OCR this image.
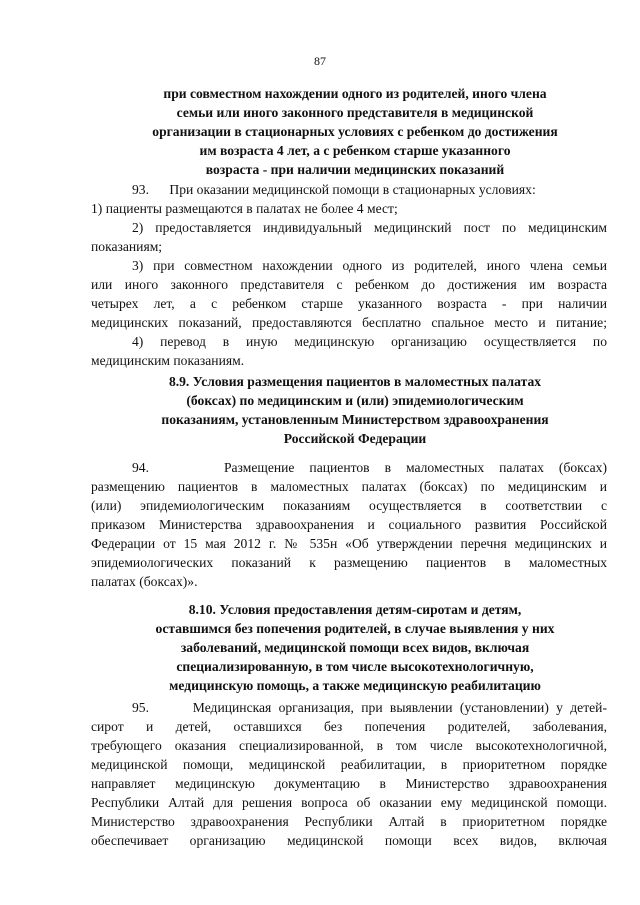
87
при совместном нахождении одного из родителей, иного члена
семьи или иного законного представителя в медицинской
организации в стационарных условиях с ребенком до достижения
им возраста 4 лет, а с ребенком старше указанного
возраста - при наличии медицинских показаний
93.      При оказании медицинской помощи в стационарных условиях:
1) пациенты размещаются в палатах не более 4 мест;
2) предоставляется индивидуальный медицинский пост по медицинским
показаниям;
3) при совместном нахождении одного из родителей, иного члена семьи
или иного законного представителя с ребенком до достижения им возраста
четырех лет, а с ребенком старше указанного возраста - при наличии
медицинских показаний, предоставляются бесплатно спальное место и питание;
4) перевод в иную медицинскую организацию осуществляется по
медицинским показаниям.
8.9. Условия размещения пациентов в маломестных палатах
(боксах) по медицинским и (или) эпидемиологическим
показаниям, установленным Министерством здравоохранения
Российской Федерации
94.     Размещение пациентов в маломестных палатах (боксах)
размещению пациентов в маломестных палатах (боксах) по медицинским и
(или) эпидемиологическим показаниям осуществляется в соответствии с
приказом Министерства здравоохранения и социального развития Российской
Федерации от 15 мая 2012 г. № 535н «Об утверждении перечня медицинских и
эпидемиологических показаний к размещению пациентов в маломестных
палатах (боксах)».
8.10. Условия предоставления детям-сиротам и детям,
оставшимся без попечения родителей, в случае выявления у них
заболеваний, медицинской помощи всех видов, включая
специализированную, в том числе высокотехнологичную,
медицинскую помощь, а также медицинскую реабилитацию
95.      Медицинская организация, при выявлении (установлении) у детей-
сирот и детей, оставшихся без попечения родителей, заболевания,
требующего оказания специализированной, в том числе высокотехнологичной,
медицинской помощи, медицинской реабилитации, в приоритетном порядке
направляет медицинскую документацию в Министерство здравоохранения
Республики Алтай для решения вопроса об оказании ему медицинской помощи.
Министерство здравоохранения Республики Алтай в приоритетном порядке
обеспечивает организацию медицинской помощи всех видов, включая
